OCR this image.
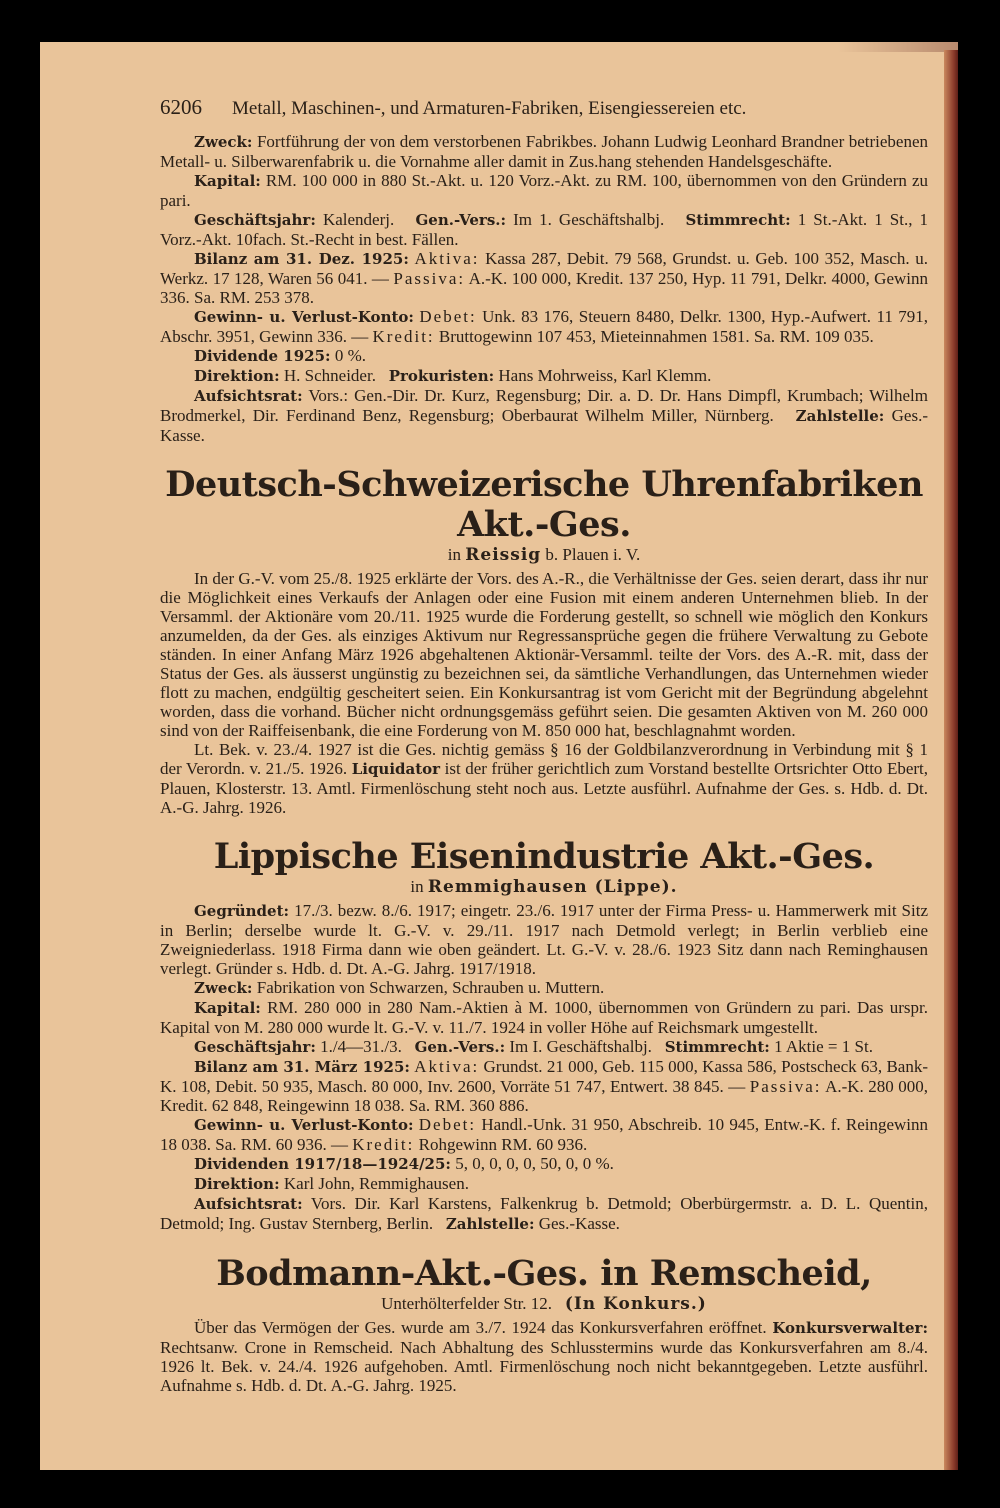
6206 Metall, Maschinen-, und Armaturen-Fabriken, Eisengiessereien etc.

Zweck: Fortführung der von dem verstorbenen Fabrikbes. Johann Ludwig Leonhard Brandner betriebenen Metall- u. Silberwarenfabrik u. die Vornahme aller damit in Zus.hang stehenden Handelsgeschäfte.

Kapital: RM. 100 000 in 880 St.-Akt. u. 120 Vorz.-Akt. zu RM. 100, übernommen von den Gründern zu pari.

Geschäftsjahr: Kalenderj. Gen.-Vers.: Im 1. Geschäftshalbj. Stimmrecht: 1 St.-Akt. 1 St., 1 Vorz.-Akt. 10fach. St.-Recht in best. Fällen.

Bilanz am 31. Dez. 1925: Aktiva: Kassa 287, Debit. 79 568, Grundst. u. Geb. 100 352, Masch. u. Werkz. 17 128, Waren 56 041. — Passiva: A.-K. 100 000, Kredit. 137 250, Hyp. 11 791, Delkr. 4000, Gewinn 336. Sa. RM. 253 378.

Gewinn- u. Verlust-Konto: Debet: Unk. 83 176, Steuern 8480, Delkr. 1300, Hyp.-Aufwert. 11 791, Abschr. 3951, Gewinn 336. — Kredit: Bruttogewinn 107 453, Mieteinnahmen 1581. Sa. RM. 109 035.

Dividende 1925: 0 %.

Direktion: H. Schneider. Prokuristen: Hans Mohrweiss, Karl Klemm.

Aufsichtsrat: Vors.: Gen.-Dir. Dr. Kurz, Regensburg; Dir. a. D. Dr. Hans Dimpfl, Krumbach; Wilhelm Brodmerkel, Dir. Ferdinand Benz, Regensburg; Oberbaurat Wilhelm Miller, Nürnberg. Zahlstelle: Ges.-Kasse.

Deutsch-Schweizerische Uhrenfabriken Akt.-Ges.
in Reissig b. Plauen i. V.

In der G.-V. vom 25./8. 1925 erklärte der Vors. des A.-R., die Verhältnisse der Ges. seien derart, dass ihr nur die Möglichkeit eines Verkaufs der Anlagen oder eine Fusion mit einem anderen Unternehmen blieb. In der Versamml. der Aktionäre vom 20./11. 1925 wurde die Forderung gestellt, so schnell wie möglich den Konkurs anzumelden, da der Ges. als einziges Aktivum nur Regressansprüche gegen die frühere Verwaltung zu Gebote ständen. In einer Anfang März 1926 abgehaltenen Aktionär-Versamml. teilte der Vors. des A.-R. mit, dass der Status der Ges. als äusserst ungünstig zu bezeichnen sei, da sämtliche Verhandlungen, das Unternehmen wieder flott zu machen, endgültig gescheitert seien. Ein Konkursantrag ist vom Gericht mit der Begründung abgelehnt worden, dass die vorhand. Bücher nicht ordnungsgemäss geführt seien. Die gesamten Aktiven von M. 260 000 sind von der Raiffeisenbank, die eine Forderung von M. 850 000 hat, beschlagnahmt worden.

Lt. Bek. v. 23./4. 1927 ist die Ges. nichtig gemäss § 16 der Goldbilanzverordnung in Verbindung mit § 1 der Verordn. v. 21./5. 1926. Liquidator ist der früher gerichtlich zum Vorstand bestellte Ortsrichter Otto Ebert, Plauen, Klosterstr. 13. Amtl. Firmenlöschung steht noch aus. Letzte ausführl. Aufnahme der Ges. s. Hdb. d. Dt. A.-G. Jahrg. 1926.

Lippische Eisenindustrie Akt.-Ges.
in Remmighausen (Lippe).

Gegründet: 17./3. bezw. 8./6. 1917; eingetr. 23./6. 1917 unter der Firma Press- u. Hammerwerk mit Sitz in Berlin; derselbe wurde lt. G.-V. v. 29./11. 1917 nach Detmold verlegt; in Berlin verblieb eine Zweigniederlass. 1918 Firma dann wie oben geändert. Lt. G.-V. v. 28./6. 1923 Sitz dann nach Reminghausen verlegt. Gründer s. Hdb. d. Dt. A.-G. Jahrg. 1917/1918.

Zweck: Fabrikation von Schwarzen, Schrauben u. Muttern.

Kapital: RM. 280 000 in 280 Nam.-Aktien à M. 1000, übernommen von Gründern zu pari. Das urspr. Kapital von M. 280 000 wurde lt. G.-V. v. 11./7. 1924 in voller Höhe auf Reichsmark umgestellt.

Geschäftsjahr: 1./4—31./3. Gen.-Vers.: Im I. Geschäftshalbj. Stimmrecht: 1 Aktie = 1 St.

Bilanz am 31. März 1925: Aktiva: Grundst. 21 000, Geb. 115 000, Kassa 586, Postscheck 63, Bank-K. 108, Debit. 50 935, Masch. 80 000, Inv. 2600, Vorräte 51 747, Entwert. 38 845. — Passiva: A.-K. 280 000, Kredit. 62 848, Reingewinn 18 038. Sa. RM. 360 886.

Gewinn- u. Verlust-Konto: Debet: Handl.-Unk. 31 950, Abschreib. 10 945, Entw.-K. f. Reingewinn 18 038. Sa. RM. 60 936. — Kredit: Rohgewinn RM. 60 936.

Dividenden 1917/18—1924/25: 5, 0, 0, 0, 0, 50, 0, 0 %.

Direktion: Karl John, Remmighausen.

Aufsichtsrat: Vors. Dir. Karl Karstens, Falkenkrug b. Detmold; Oberbürgermstr. a. D. L. Quentin, Detmold; Ing. Gustav Sternberg, Berlin. Zahlstelle: Ges.-Kasse.

Bodmann-Akt.-Ges. in Remscheid,
Unterhölterfelder Str. 12. (In Konkurs.)

Über das Vermögen der Ges. wurde am 3./7. 1924 das Konkursverfahren eröffnet. Konkursverwalter: Rechtsanw. Crone in Remscheid. Nach Abhaltung des Schlusstermins wurde das Konkursverfahren am 8./4. 1926 lt. Bek. v. 24./4. 1926 aufgehoben. Amtl. Firmenlöschung noch nicht bekanntgegeben. Letzte ausführl. Aufnahme s. Hdb. d. Dt. A.-G. Jahrg. 1925.
